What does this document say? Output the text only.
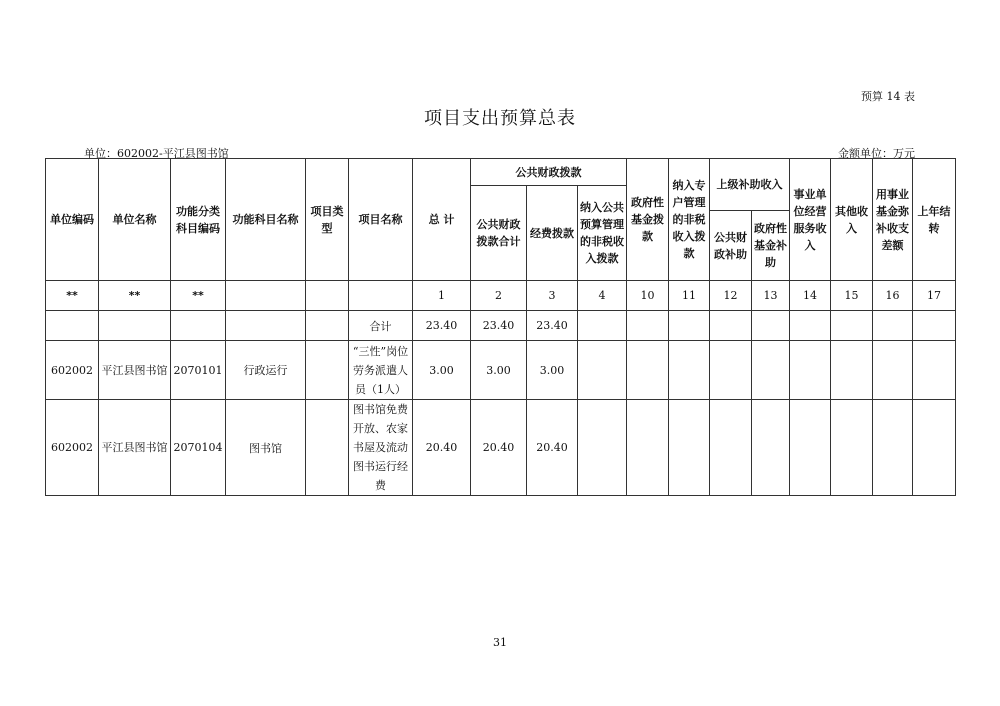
预算 14 表
项目支出预算总表
单位：602002-平江县图书馆	金额单位：万元
单位编码	单位名称	功能分类科目编码	功能科目名称	项目类型	项目名称	总 计	公共财政拨款			政府性基金拨款	纳入专户管理的非税收入拨款	上级补助收入		事业单位经营服务收入	其他收入	用事业基金弥补收支差额	上年结转
							公共财政拨款合计	经费拨款	纳入公共预算管理的非税收入拨款								
												公共财政补助	政府性基金补助				
**	**	**				1	2	3	4	10	11	12	13	14	15	16	17
					合计	23.40	23.40	23.40									
602002	平江县图书馆	2070101	行政运行		“三性”岗位劳务派遣人员（1人）	3.00	3.00	3.00									
602002	平江县图书馆	2070104	图书馆		图书馆免费开放、农家书屋及流动图书运行经费	20.40	20.40	20.40									
31
